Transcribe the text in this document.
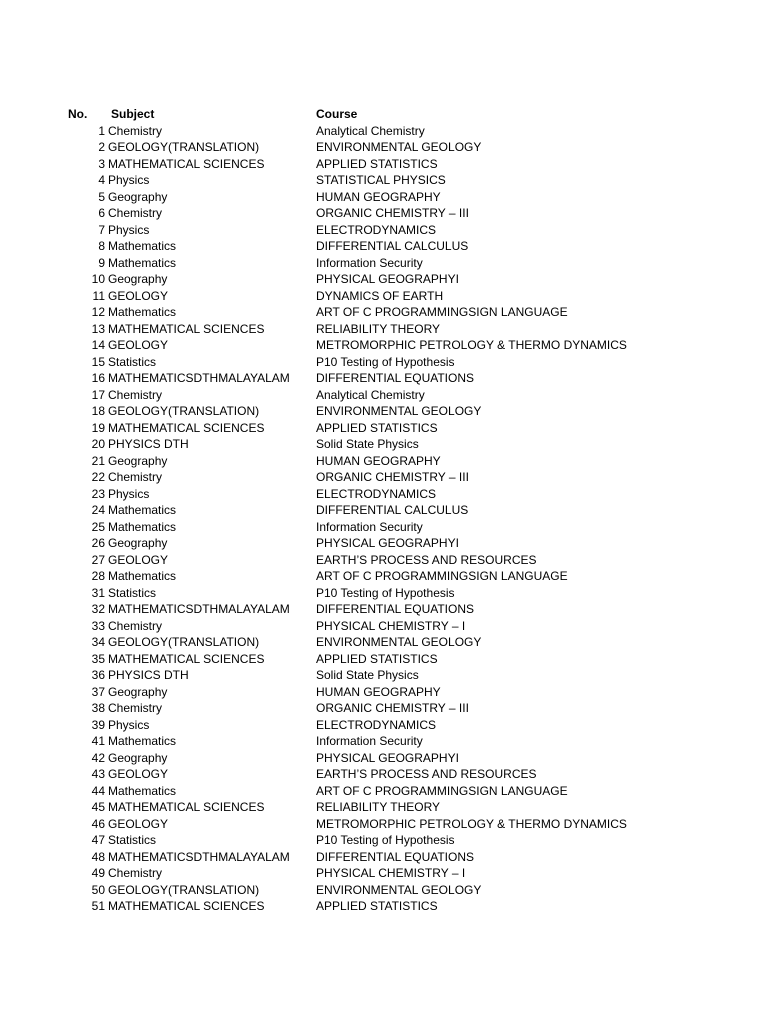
No.	Subject	Course
1 Chemistry	Analytical Chemistry
2 GEOLOGY(TRANSLATION)	ENVIRONMENTAL GEOLOGY
3 MATHEMATICAL SCIENCES	APPLIED STATISTICS
4 Physics	STATISTICAL PHYSICS
5 Geography	HUMAN GEOGRAPHY
6 Chemistry	ORGANIC CHEMISTRY – III
7 Physics	ELECTRODYNAMICS
8 Mathematics	DIFFERENTIAL CALCULUS
9 Mathematics	Information Security
10 Geography	PHYSICAL GEOGRAPHYI
11 GEOLOGY	DYNAMICS OF EARTH
12 Mathematics	ART OF C PROGRAMMINGSIGN LANGUAGE
13 MATHEMATICAL SCIENCES	RELIABILITY THEORY
14 GEOLOGY	METROMORPHIC PETROLOGY & THERMO DYNAMICS
15 Statistics	P10 Testing of Hypothesis
16 MATHEMATICSDTHMALAYALAM	DIFFERENTIAL EQUATIONS
17 Chemistry	Analytical Chemistry
18 GEOLOGY(TRANSLATION)	ENVIRONMENTAL GEOLOGY
19 MATHEMATICAL SCIENCES	APPLIED STATISTICS
20 PHYSICS DTH	Solid State Physics
21 Geography	HUMAN GEOGRAPHY
22 Chemistry	ORGANIC CHEMISTRY – III
23 Physics	ELECTRODYNAMICS
24 Mathematics	DIFFERENTIAL CALCULUS
25 Mathematics	Information Security
26 Geography	PHYSICAL GEOGRAPHYI
27 GEOLOGY	EARTH’S PROCESS AND RESOURCES
28 Mathematics	ART OF C PROGRAMMINGSIGN LANGUAGE
31 Statistics	P10 Testing of Hypothesis
32 MATHEMATICSDTHMALAYALAM	DIFFERENTIAL EQUATIONS
33 Chemistry	PHYSICAL CHEMISTRY – I
34 GEOLOGY(TRANSLATION)	ENVIRONMENTAL GEOLOGY
35 MATHEMATICAL SCIENCES	APPLIED STATISTICS
36 PHYSICS DTH	Solid State Physics
37 Geography	HUMAN GEOGRAPHY
38 Chemistry	ORGANIC CHEMISTRY – III
39 Physics	ELECTRODYNAMICS
41 Mathematics	Information Security
42 Geography	PHYSICAL GEOGRAPHYI
43 GEOLOGY	EARTH’S PROCESS AND RESOURCES
44 Mathematics	ART OF C PROGRAMMINGSIGN LANGUAGE
45 MATHEMATICAL SCIENCES	RELIABILITY THEORY
46 GEOLOGY	METROMORPHIC PETROLOGY & THERMO DYNAMICS
47 Statistics	P10 Testing of Hypothesis
48 MATHEMATICSDTHMALAYALAM	DIFFERENTIAL EQUATIONS
49 Chemistry	PHYSICAL CHEMISTRY – I
50 GEOLOGY(TRANSLATION)	ENVIRONMENTAL GEOLOGY
51 MATHEMATICAL SCIENCES	APPLIED STATISTICS
